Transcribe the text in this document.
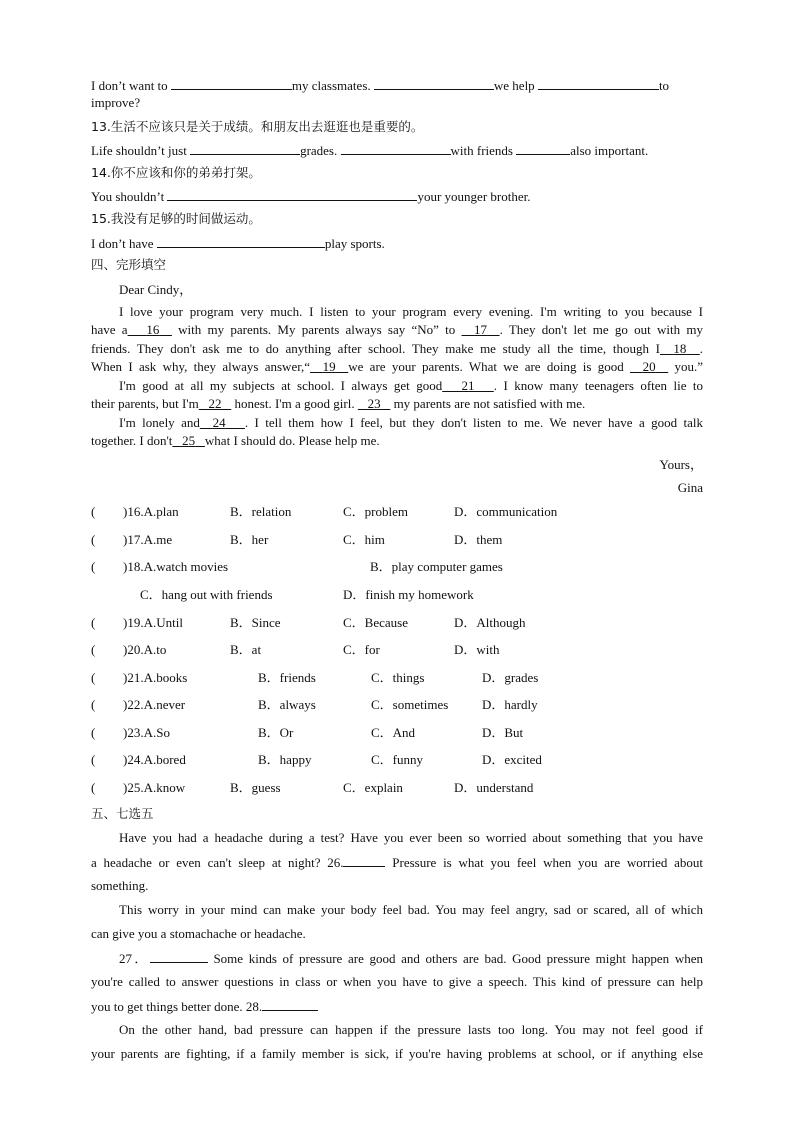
I don’t want to	my classmates.	we help	to
improve?
13.生活不应该只是关于成绩。和朋友出去逛逛也是重要的。
Life shouldn’t just	grades.	with friends	also important.
14.你不应该和你的弟弟打架。
You shouldn’t	your younger brother.
15.我没有足够的时间做运动。
I don’t have	play sports.
四、完形填空
Dear Cindy，
I love your program very much. I listen to your program every evening. I'm writing to you because I
have a 16   with my parents. My parents always say “No” to   17 . They don't let me go out with my
friends. They don't ask me to do anything after school. They make me study all the time, though I 18 .
When I ask why, they always answer,“ 19 we are your parents. What we are doing is good   20 you.”
I'm good at all my subjects at school. I always get good 21 . I know many teenagers often lie to
their parents, but I'm 22    honest. I'm a good girl.    23    my parents are not satisfied with me.
I'm lonely and 24 . I tell them how I feel, but they don't listen to me. We never have a good talk
together. I don't 25 what I should do. Please help me.
Yours，
Gina
( )16.A.plan	B．relation	C．problem	D．communication
( )17.A.me	B．her	C．him	D．them
( )18.A.watch movies	B．play computer games
C．hang out with friends	D．finish my homework
( )19.A.Until	B．Since	C．Because	D．Although
( )20.A.to	B．at	C．for	D．with
( )21.A.books	B．friends	C．things	D．grades
( )22.A.never	B．always	C．sometimes	D．hardly
( )23.A.So	B．Or	C．And	D．But
( )24.A.bored	B．happy	C．funny	D．excited
( )25.A.know	B．guess	C．explain	D．understand
五、七选五
Have you had a headache during a test? Have you ever been so worried about something that you have
a headache or even can't sleep at night? 26.	Pressure is what you feel when you are worried about
something.
This worry in your mind can make your body feel bad. You may feel angry, sad or scared, all of which
can give you a stomachache or headache.
27．	Some kinds of pressure are good and others are bad. Good pressure might happen when
you're called to answer questions in class or when you have to give a speech. This kind of pressure can help
you to get things better done. 28.
On the other hand, bad pressure can happen if the pressure lasts too long. You may not feel good if
your parents are fighting, if a family member is sick, if you're having problems at school, or if anything else
